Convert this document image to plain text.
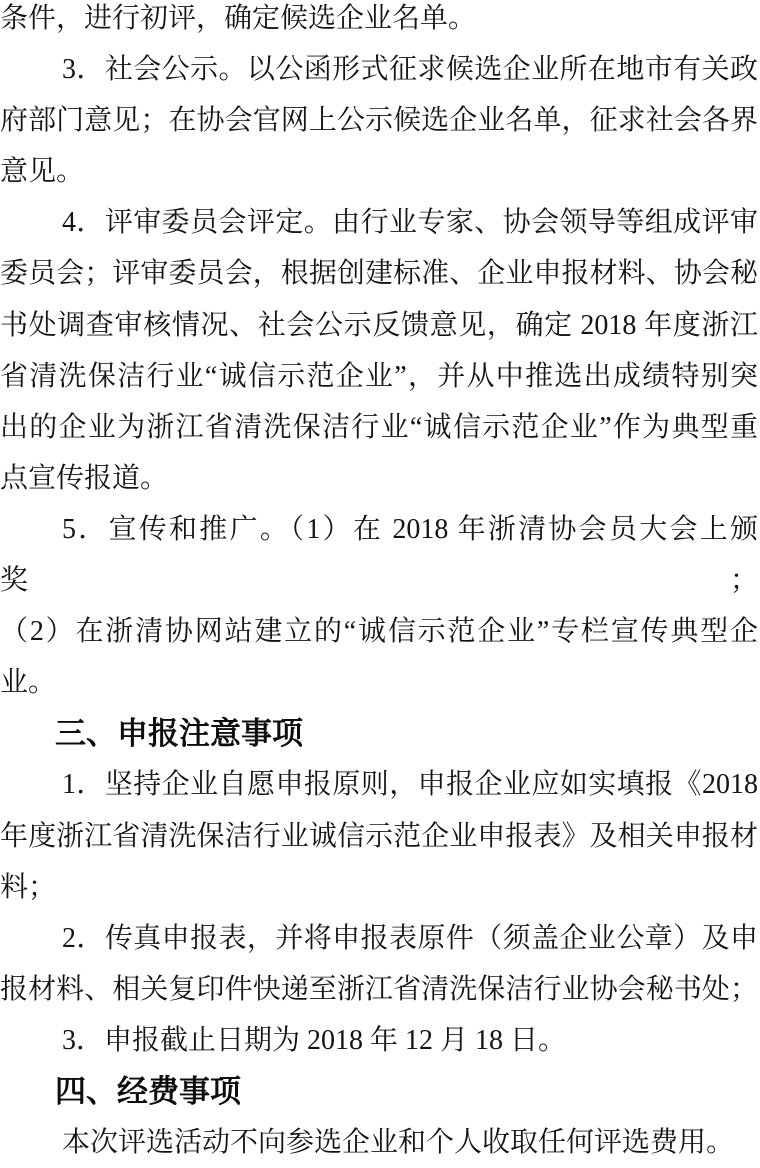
条件，进行初评，确定候选企业名单。
3．社会公示。以公函形式征求候选企业所在地市有关政
府部门意见；在协会官网上公示候选企业名单，征求社会各界
意见。
4．评审委员会评定。由行业专家、协会领导等组成评审
委员会；评审委员会，根据创建标准、企业申报材料、协会秘
书处调查审核情况、社会公示反馈意见，确定 2018 年度浙江
省清洗保洁行业“诚信示范企业”，并从中推选出成绩特别突
出的企业为浙江省清洗保洁行业“诚信示范企业”作为典型重
点宣传报道。
5．宣传和推广。（1）在 2018 年浙清协会员大会上颁奖；
（2）在浙清协网站建立的“诚信示范企业”专栏宣传典型企
业。
三、申报注意事项
1．坚持企业自愿申报原则，申报企业应如实填报《2018
年度浙江省清洗保洁行业诚信示范企业申报表》及相关申报材
料；
2．传真申报表，并将申报表原件（须盖企业公章）及申
报材料、相关复印件快递至浙江省清洗保洁行业协会秘书处；
3．申报截止日期为 2018 年 12 月 18 日。
四、经费事项
本次评选活动不向参选企业和个人收取任何评选费用。
